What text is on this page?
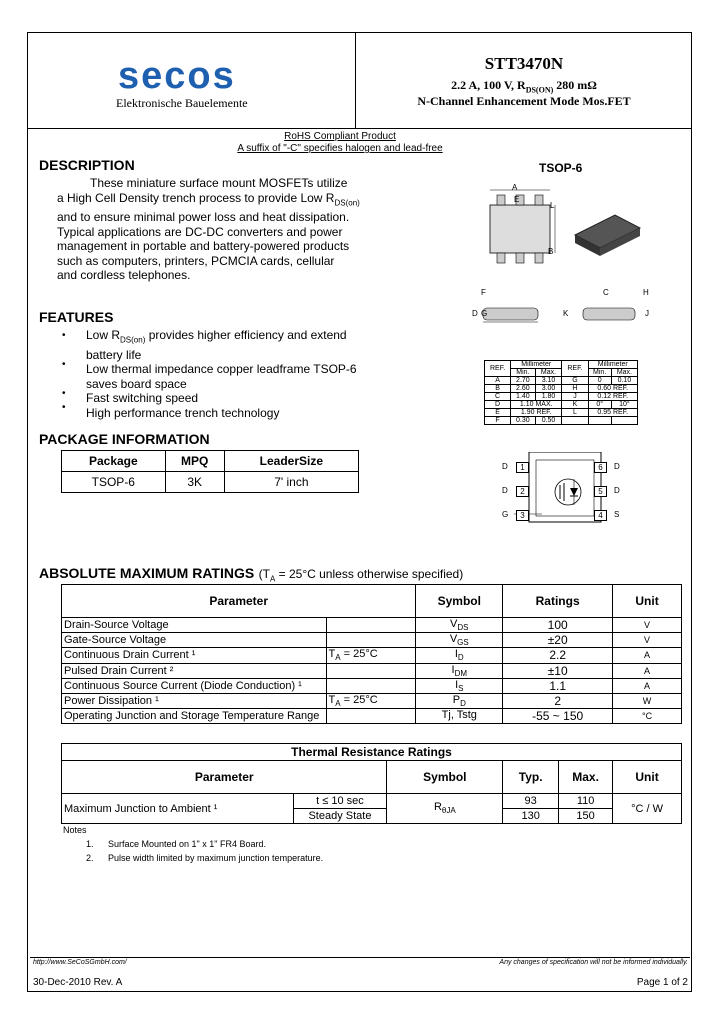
secos
Elektronische Bauelemente
STT3470N
2.2 A, 100 V, $R_{DS(ON)}$ 280 mΩ
N-Channel Enhancement Mode Mos.FET
RoHS Compliant Product
A suffix of "-C" specifies halogen and lead-free
DESCRIPTION
These miniature surface mount MOSFETs utilize
a High Cell Density trench process to provide Low $R_{DS(on)}$
and to ensure minimal power loss and heat dissipation.
Typical applications are DC-DC converters and power
management in portable and battery-powered products
such as computers, printers, PCMCIA cards, cellular
and cordless telephones.
FEATURES
•
•
•
•
Low $R_{DS(on)}$ provides higher efficiency and extend
battery life
Low thermal impedance copper leadframe TSOP-6
saves board space
Fast switching speed
High performance trench technology
PACKAGE INFORMATION
Package	MPQ	LeaderSize
TSOP-6	3K	7' inch
TSOP-6
A
E
L
B
F
D G
C	H
K	J
REF.	Millimeter		REF.	Millimeter	
	Min.	Max.		Min.	Max.
A	2.70	3.10	G	0	0.10
B	2.60	3.00	H	0.60 REF.	
C	1.40	1.80	J	0.12 REF.	
D	1.10 MAX.		K	0°	10°
E	1.90 REF.		L	0.95 REF.	
F	0.30	0.50			
D	1
D	2
G	3
6	D
5	D
4	S
ABSOLUTE MAXIMUM RATINGS ($T_A = 25^\circ C$ unless otherwise specified)
Parameter		Symbol	Ratings	Unit
Drain-Source Voltage		$V_{DS}$	100	V
Gate-Source Voltage		$V_{GS}$	±20	V
Continuous Drain Current ¹	$T_A = 25^\circ C$	$I_D$	2.2	A
Pulsed Drain Current ²		$I_{DM}$	±10	A
Continuous Source Current (Diode Conduction) ¹		$I_S$	1.1	A
Power Dissipation ¹	$T_A = 25^\circ C$	$P_D$	2	W
Operating Junction and Storage Temperature Range		Tj, Tstg	-55 ~ 150	°C
Thermal Resistance Ratings					
Parameter		Symbol	Typ.	Max.	Unit
Maximum Junction to Ambient ¹	t ≤ 10 sec	$R_{\theta JA}$	93	110	°C / W
	Steady State		130	150	
Notes
1. Surface Mounted on 1" x 1" FR4 Board.
2. Pulse width limited by maximum junction temperature.
http://www.SeCoSGmbH.com/	Any changes of specification will not be informed individually.
30-Dec-2010 Rev. A	Page 1 of 2
